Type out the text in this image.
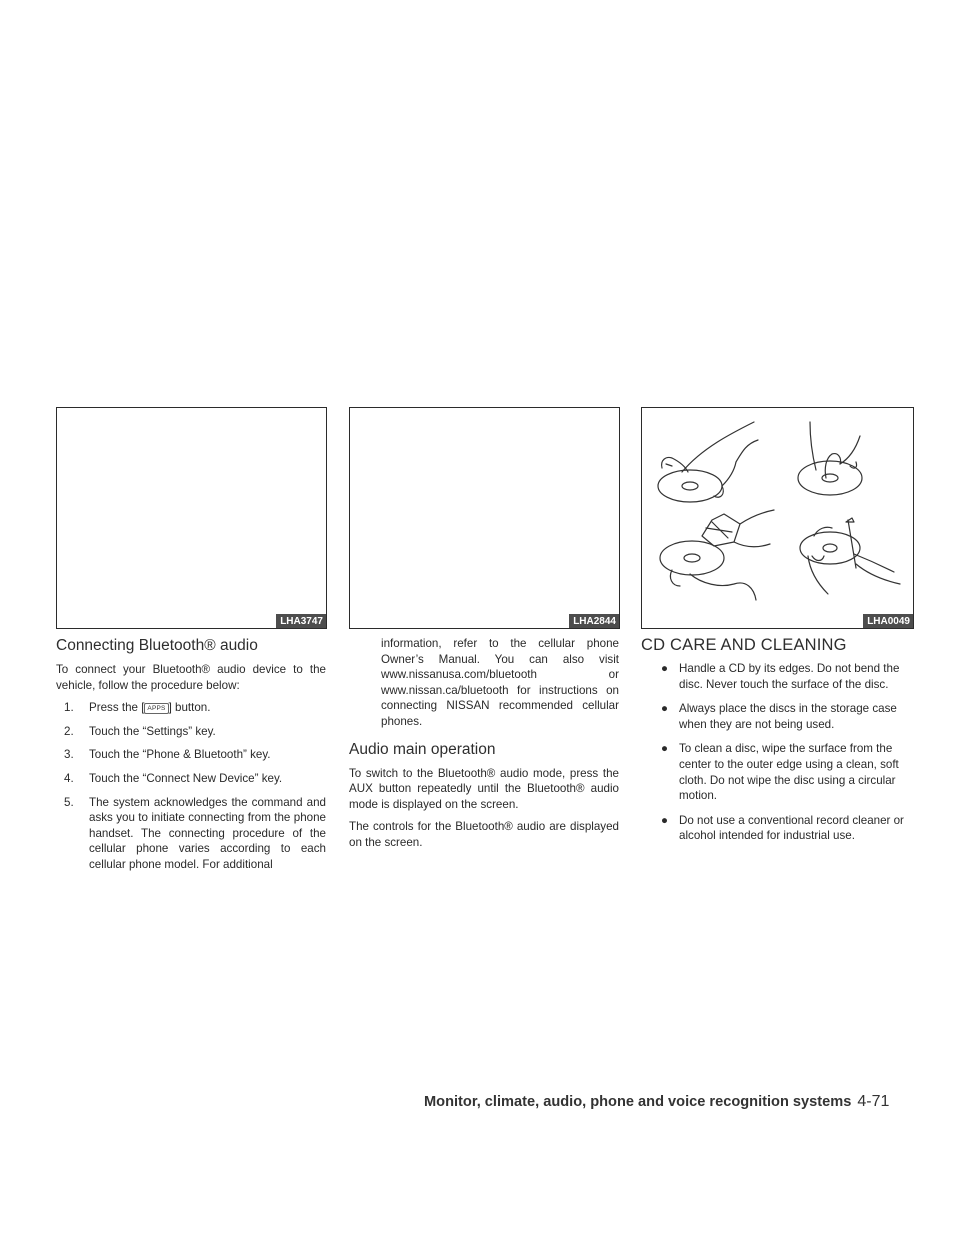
LHA3747	LHA2844	LHA0049
Connecting Bluetooth® audio

To connect your Bluetooth® audio device to the vehicle, follow the procedure below:

1. Press the [ APPS ] button.
2. Touch the “Settings” key.
3. Touch the “Phone & Bluetooth” key.
4. Touch the “Connect New Device” key.
5. The system acknowledges the command and asks you to initiate connecting from the phone handset. The connecting procedure of the cellular phone varies according to each cellular phone model. For additional
information, refer to the cellular phone Owner’s Manual. You can also visit www.nissanusa.com/bluetooth or www.nissan.ca/bluetooth for instructions on connecting NISSAN recommended cellular phones.
Audio main operation

To switch to the Bluetooth® audio mode, press the AUX button repeatedly until the Bluetooth® audio mode is displayed on the screen.

The controls for the Bluetooth® audio are displayed on the screen.

CD CARE AND CLEANING
● Handle a CD by its edges. Do not bend the disc. Never touch the surface of the disc.
● Always place the discs in the storage case when they are not being used.
● To clean a disc, wipe the surface from the center to the outer edge using a clean, soft cloth. Do not wipe the disc using a circular motion.
● Do not use a conventional record cleaner or alcohol intended for industrial use.
Monitor, climate, audio, phone and voice recognition systems 4-71
